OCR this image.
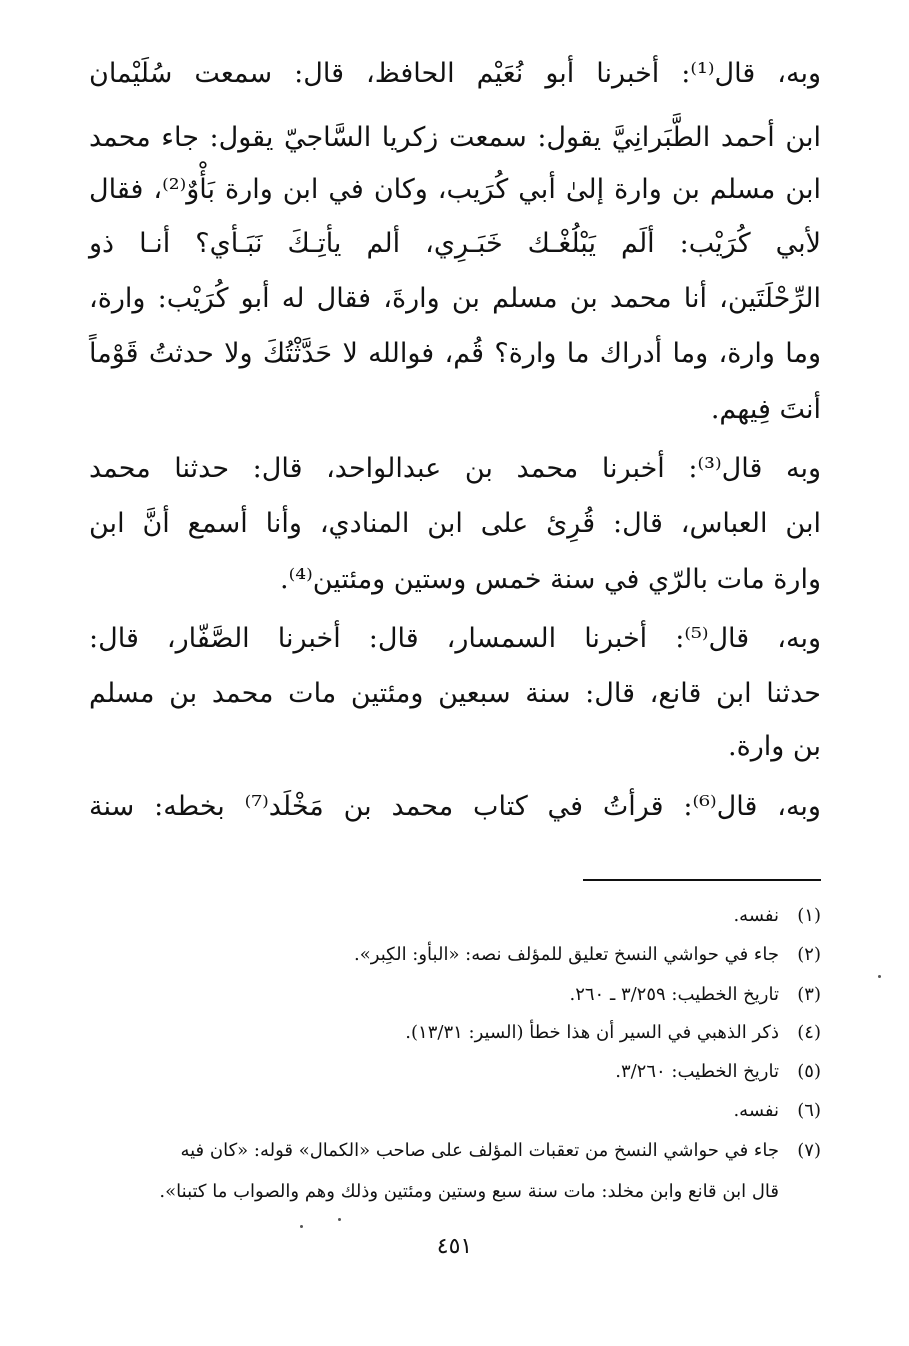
وبه، قال⁽¹⁾: أخبرنا أبو نُعَيْم الحافظ، قال: سمعت سُلَيْمان
ابن أحمد الطَّبَرانِيَّ يقول: سمعت زكريا السَّاجيّ يقول: جاء محمد
ابن مسلم بن وارة إلىٰ أبي كُرَيب، وكان في ابن وارة بَأْوٌ⁽²⁾، فقال
لأبي كُرَيْب: ألَم يَبْلُغْـك خَبَـرِي، ألم يأتِـكَ نَبَـأي؟ أنـا ذو
الرِّحْلَتَين، أنا محمد بن مسلم بن وارةَ، فقال له أبو كُرَيْب: وارة،
وما وارة، وما أدراك ما وارة؟ قُم، فوالله لا حَدَّثْتُكَ ولا حدثتُ قَوْماً
أنتَ فِيهم.
وبه قال⁽³⁾: أخبرنا محمد بن عبدالواحد، قال: حدثنا محمد
ابن العباس، قال: قُرِئ على ابن المنادي، وأنا أسمع أنَّ ابن
وارة مات بالرّي في سنة خمس وستين ومئتين⁽⁴⁾.
وبه، قال⁽⁵⁾: أخبرنا السمسار، قال: أخبرنا الصَّفّار، قال:
حدثنا ابن قانع، قال: سنة سبعين ومئتين مات محمد بن مسلم
بن وارة.
وبه، قال⁽⁶⁾: قرأتُ في كتاب محمد بن مَخْلَد⁽⁷⁾ بخطه: سنة
(١)نفسه.
(٢)جاء في حواشي النسخ تعليق للمؤلف نصه: «البأو: الكِبر».
(٣)تاريخ الخطيب: ٣/٢٥٩ ـ ٢٦٠.
(٤)ذكر الذهبي في السير أن هذا خطأ (السير: ١٣/٣١).
(٥)تاريخ الخطيب: ٣/٢٦٠.
(٦)نفسه.
(٧)جاء في حواشي النسخ من تعقبات المؤلف على صاحب «الكمال» قوله: «كان فيه
قال ابن قانع وابن مخلد: مات سنة سبع وستين ومئتين وذلك وهم والصواب ما كتبنا».
٤٥١
